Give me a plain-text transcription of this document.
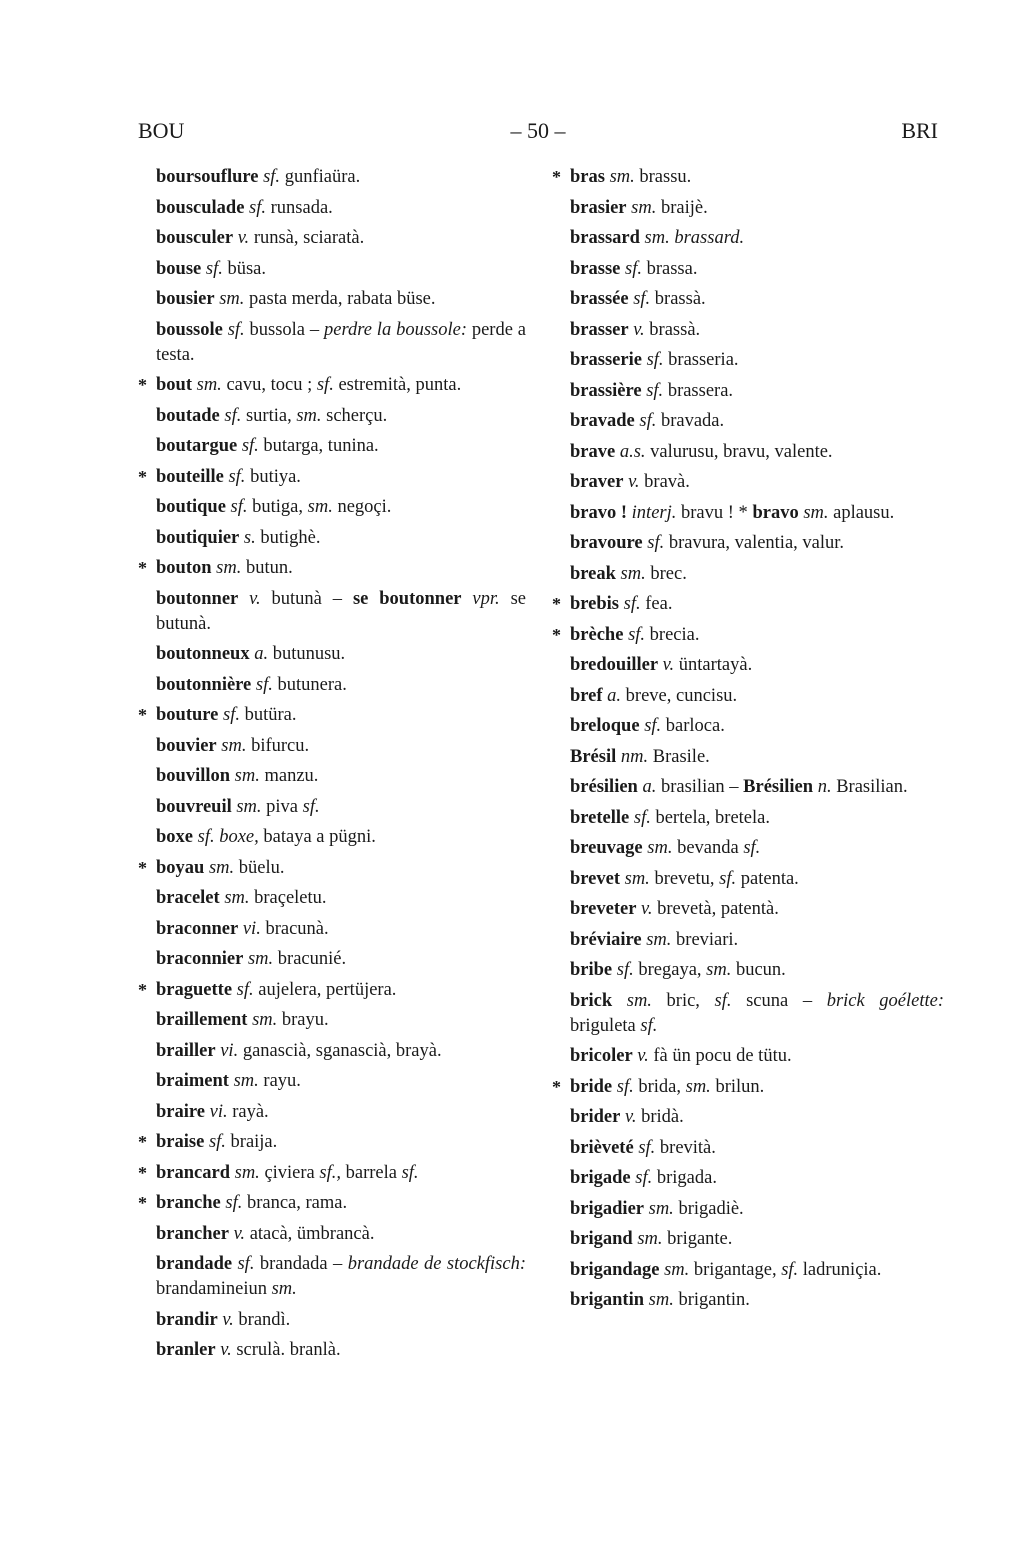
BOU	– 50 –	BRI
boursouflure sf. gunfiaüra.
bousculade sf. runsada.
bousculer v. runsà, sciaratà.
bouse sf. büsa.
bousier sm. pasta merda, rabata büse.
boussole sf. bussola – perdre la boussole: perde a testa.
* bout sm. cavu, tocu ; sf. estremità, punta.
boutade sf. surtia, sm. scherçu.
boutargue sf. butarga, tunina.
* bouteille sf. butiya.
boutique sf. butiga, sm. negoçi.
boutiquier s. butighè.
* bouton sm. butun.
boutonner v. butunà – se boutonner vpr. se butunà.
boutonneux a. butunusu.
boutonnière sf. butunera.
* bouture sf. butüra.
bouvier sm. bifurcu.
bouvillon sm. manzu.
bouvreuil sm. piva sf.
boxe sf. boxe, bataya a pügni.
* boyau sm. büelu.
bracelet sm. braçeletu.
braconner vi. bracunà.
braconnier sm. bracunié.
* braguette sf. aujelera, pertüjera.
braillement sm. brayu.
brailler vi. ganascià, sganascià, brayà.
braiment sm. rayu.
braire vi. rayà.
* braise sf. braija.
* brancard sm. çiviera sf., barrela sf.
* branche sf. branca, rama.
brancher v. atacà, ümbrancà.
brandade sf. brandada – brandade de stockfisch: brandamineiun sm.
brandir v. brandì.
branler v. scrulà. branlà.
* bras sm. brassu.
brasier sm. braijè.
brassard sm. brassard.
brasse sf. brassa.
brassée sf. brassà.
brasser v. brassà.
brasserie sf. brasseria.
brassière sf. brassera.
bravade sf. bravada.
brave a.s. valurusu, bravu, valente.
braver v. bravà.
bravo ! interj. bravu ! * bravo sm. aplausu.
bravoure sf. bravura, valentia, valur.
break sm. brec.
* brebis sf. fea.
* brèche sf. brecia.
bredouiller v. üntartayà.
bref a. breve, cuncisu.
breloque sf. barloca.
Brésil nm. Brasile.
brésilien a. brasilian – Brésilien n. Brasilian.
bretelle sf. bertela, bretela.
breuvage sm. bevanda sf.
brevet sm. brevetu, sf. patenta.
breveter v. brevetà, patentà.
bréviaire sm. breviari.
bribe sf. bregaya, sm. bucun.
brick sm. bric, sf. scuna – brick goélette: briguleta sf.
bricoler v. fà ün pocu de tütu.
* bride sf. brida, sm. brilun.
brider v. bridà.
brièveté sf. brevità.
brigade sf. brigada.
brigadier sm. brigadiè.
brigand sm. brigante.
brigandage sm. brigantage, sf. ladruniçia.
brigantin sm. brigantin.
